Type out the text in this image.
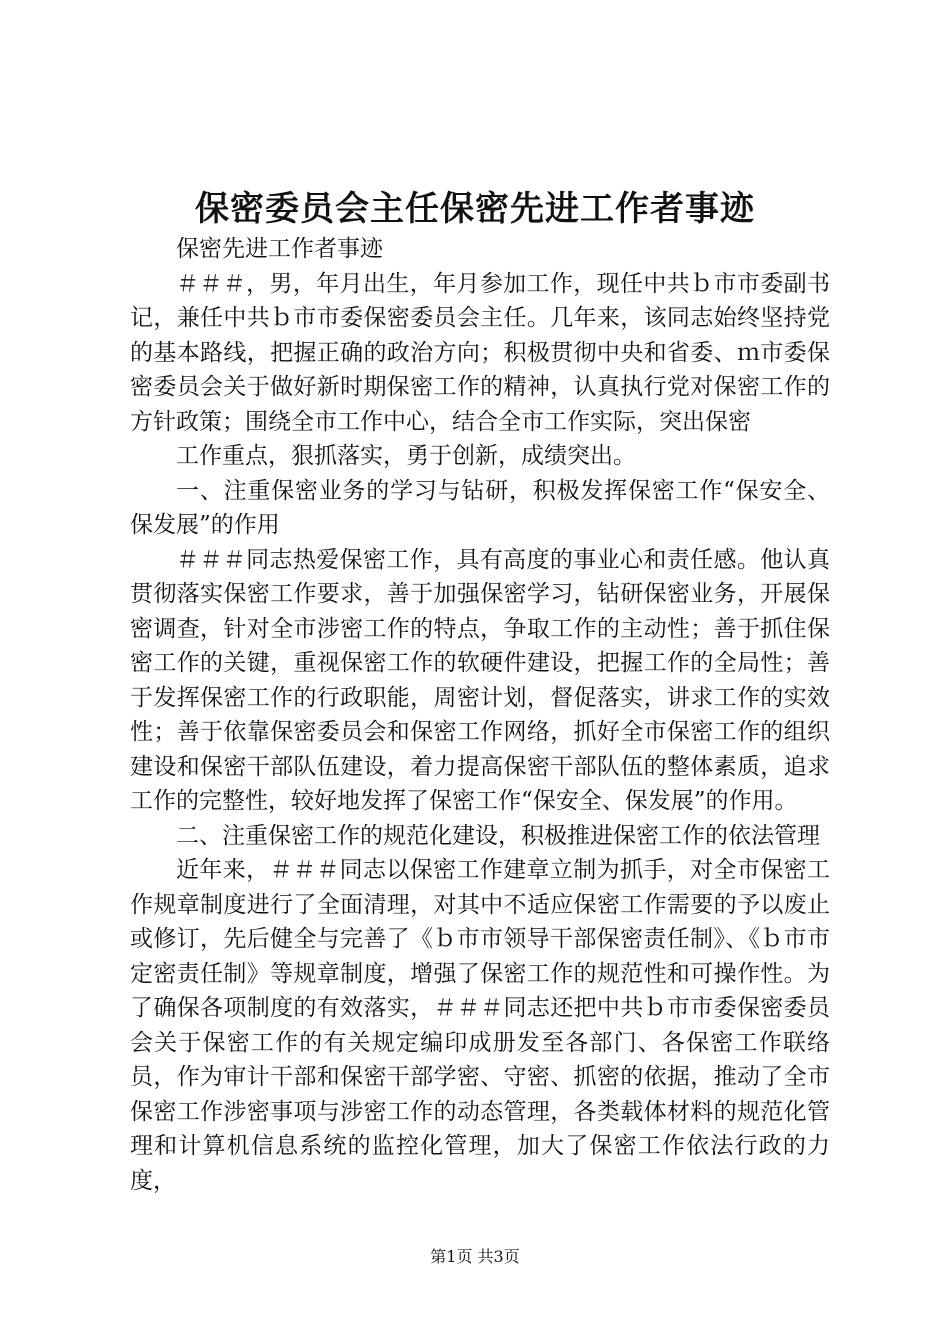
保密委员会主任保密先进工作者事迹

保密先进工作者事迹

＃＃＃，男，年月出生，年月参加工作，现任中共ｂ市市委副书记，兼任中共ｂ市市委保密委员会主任。几年来，该同志始终坚持党的基本路线，把握正确的政治方向；积极贯彻中央和省委、ｍ市委保密委员会关于做好新时期保密工作的精神，认真执行党对保密工作的方针政策；围绕全市工作中心，结合全市工作实际，突出保密

工作重点，狠抓落实，勇于创新，成绩突出。

一、注重保密业务的学习与钻研，积极发挥保密工作“保安全、保发展”的作用

＃＃＃同志热爱保密工作，具有高度的事业心和责任感。他认真贯彻落实保密工作要求，善于加强保密学习，钻研保密业务，开展保密调查，针对全市涉密工作的特点，争取工作的主动性；善于抓住保密工作的关键，重视保密工作的软硬件建设，把握工作的全局性；善于发挥保密工作的行政职能，周密计划，督促落实，讲求工作的实效性；善于依靠保密委员会和保密工作网络，抓好全市保密工作的组织建设和保密干部队伍建设，着力提高保密干部队伍的整体素质，追求工作的完整性，较好地发挥了保密工作“保安全、保发展”的作用。

二、注重保密工作的规范化建设，积极推进保密工作的依法管理

近年来，＃＃＃同志以保密工作建章立制为抓手，对全市保密工作规章制度进行了全面清理，对其中不适应保密工作需要的予以废止或修订，先后健全与完善了《ｂ市市领导干部保密责任制》、《ｂ市市定密责任制》等规章制度，增强了保密工作的规范性和可操作性。为了确保各项制度的有效落实，＃＃＃同志还把中共ｂ市市委保密委员会关于保密工作的有关规定编印成册发至各部门、各保密工作联络员，作为审计干部和保密干部学密、守密、抓密的依据，推动了全市保密工作涉密事项与涉密工作的动态管理，各类载体材料的规范化管理和计算机信息系统的监控化管理，加大了保密工作依法行政的力度，

第1页 共3页
